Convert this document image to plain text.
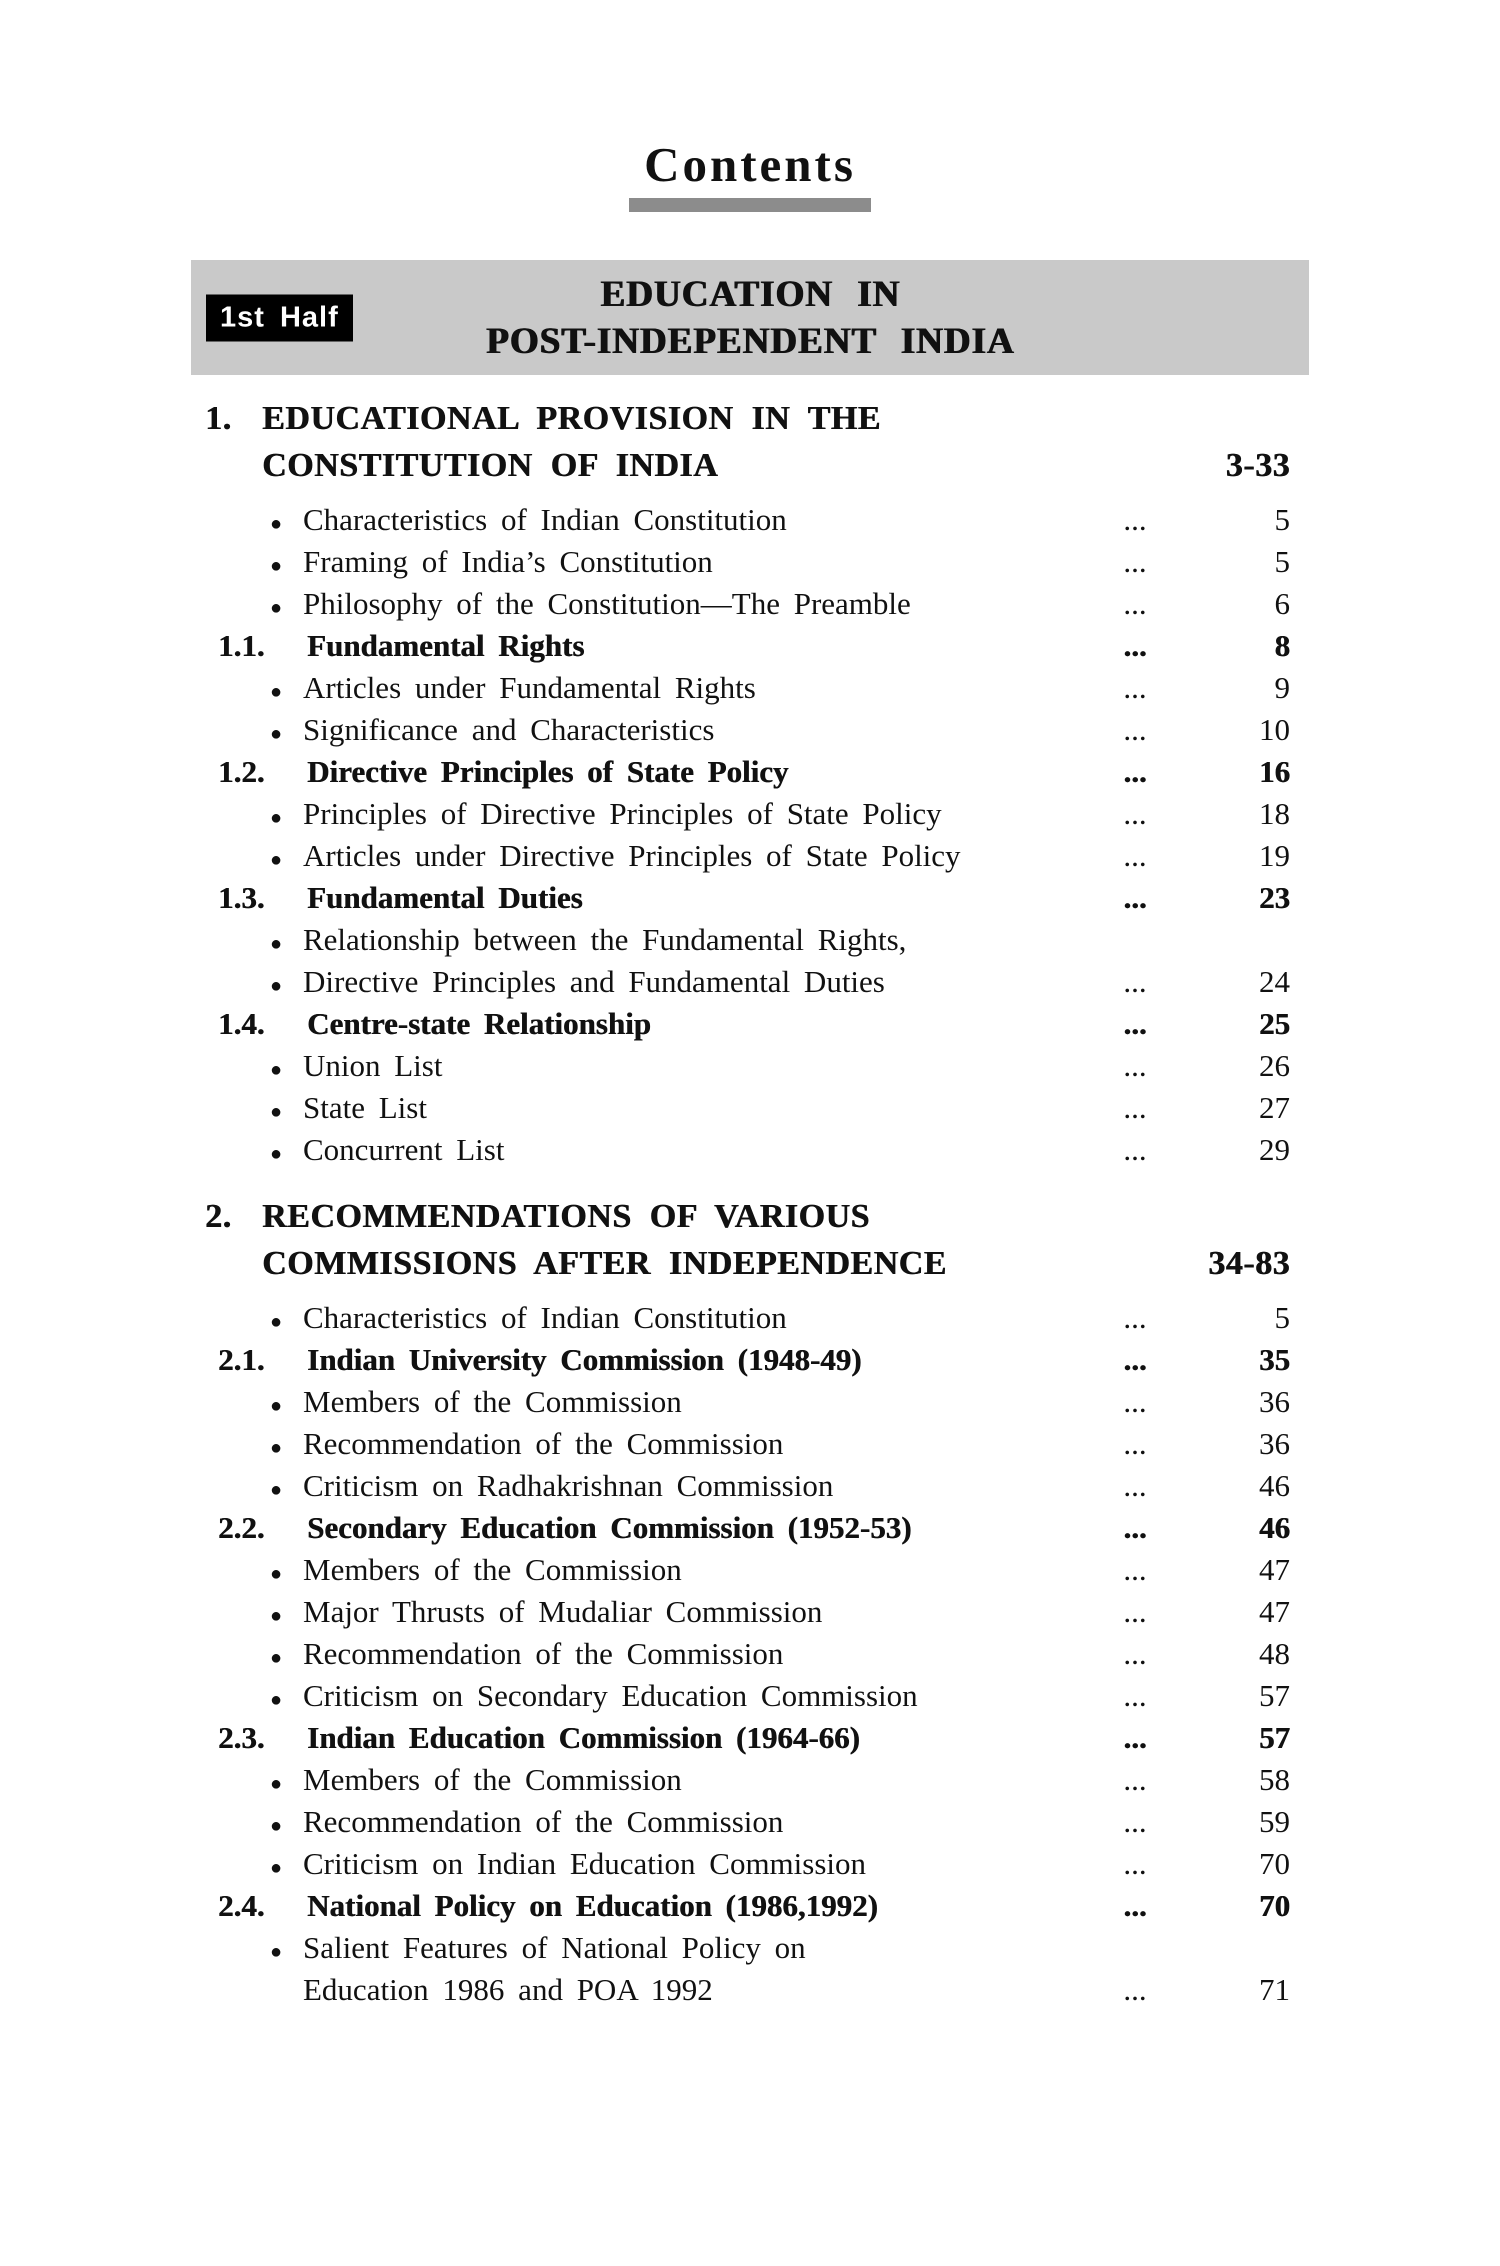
Contents
1st Half
EDUCATION IN
POST-INDEPENDENT INDIA
1. EDUCATIONAL PROVISION IN THE
CONSTITUTION OF INDIA	3-33
● Characteristics of Indian Constitution	...	5
● Framing of India’s Constitution	...	5
● Philosophy of the Constitution—The Preamble	...	6
1.1.	Fundamental Rights	...	8
● Articles under Fundamental Rights	...	9
● Significance and Characteristics	...	10
1.2.	Directive Principles of State Policy	...	16
● Principles of Directive Principles of State Policy	...	18
● Articles under Directive Principles of State Policy	...	19
1.3.	Fundamental Duties	...	23
● Relationship between the Fundamental Rights,
● Directive Principles and Fundamental Duties	...	24
1.4.	Centre-state Relationship	...	25
● Union List	...	26
● State List	...	27
● Concurrent List	...	29
2. RECOMMENDATIONS OF VARIOUS
COMMISSIONS AFTER INDEPENDENCE	34-83
● Characteristics of Indian Constitution	...	5
2.1.	Indian University Commission (1948-49)	...	35
● Members of the Commission	...	36
● Recommendation of the Commission	...	36
● Criticism on Radhakrishnan Commission	...	46
2.2.	Secondary Education Commission (1952-53)	...	46
● Members of the Commission	...	47
● Major Thrusts of Mudaliar Commission	...	47
● Recommendation of the Commission	...	48
● Criticism on Secondary Education Commission	...	57
2.3.	Indian Education Commission (1964-66)	...	57
● Members of the Commission	...	58
● Recommendation of the Commission	...	59
● Criticism on Indian Education Commission	...	70
2.4.	National Policy on Education (1986,1992)	...	70
● Salient Features of National Policy on
Education 1986 and POA 1992	...	71
